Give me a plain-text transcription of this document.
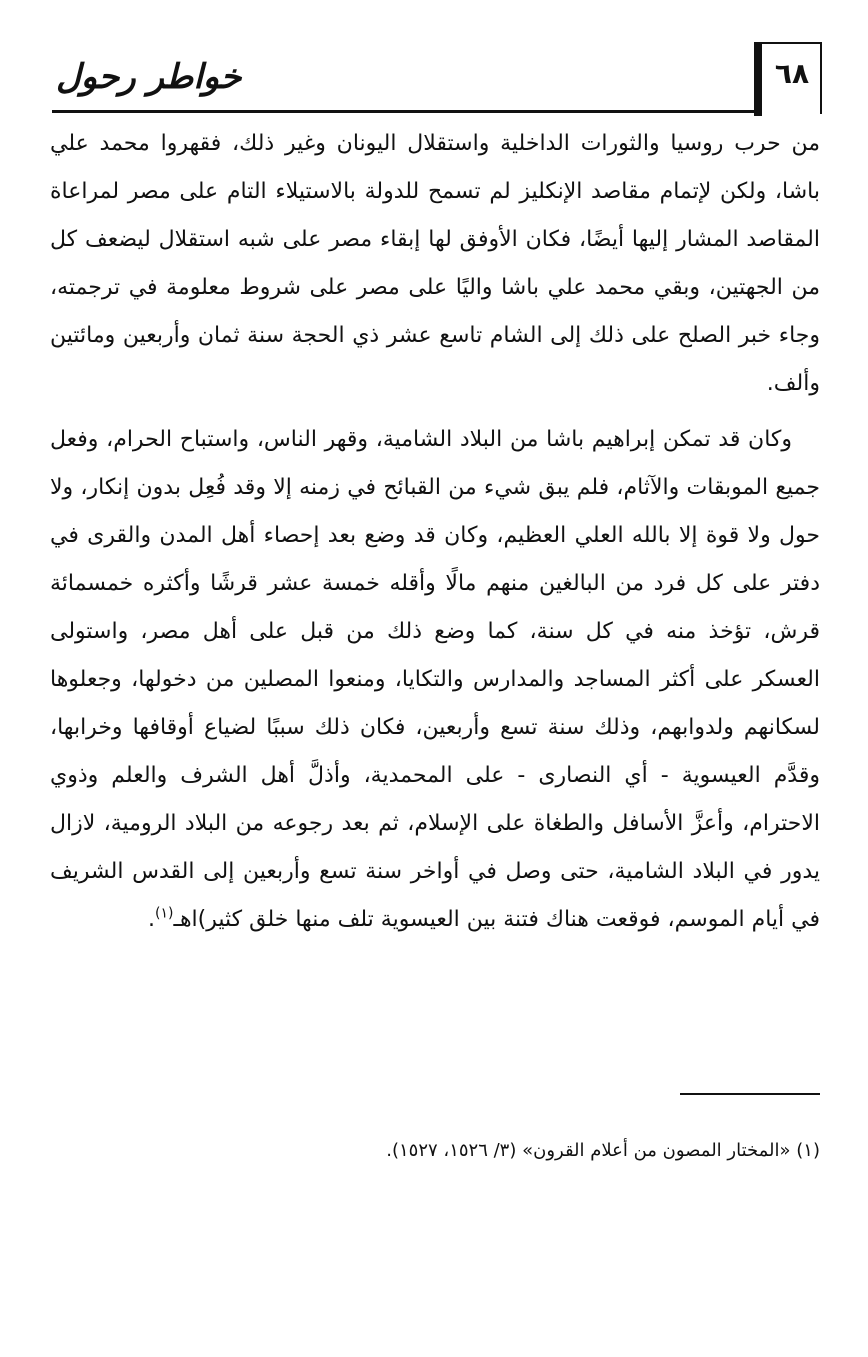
خواطر رحول	٦٨

من حرب روسيا والثورات الداخلية واستقلال اليونان وغير ذلك، فقهروا محمد علي باشا، ولكن لإتمام مقاصد الإنكليز لم تسمح للدولة بالاستيلاء التام على مصر لمراعاة المقاصد المشار إليها أيضًا، فكان الأوفق لها إبقاء مصر على شبه استقلال ليضعف كل من الجهتين، وبقي محمد علي باشا واليًا على مصر على شروط معلومة في ترجمته، وجاء خبر الصلح على ذلك إلى الشام تاسع عشر ذي الحجة سنة ثمان وأربعين ومائتين وألف.

وكان قد تمكن إبراهيم باشا من البلاد الشامية، وقهر الناس، واستباح الحرام، وفعل جميع الموبقات والآثام، فلم يبق شيء من القبائح في زمنه إلا وقد فُعِل بدون إنكار، ولا حول ولا قوة إلا بالله العلي العظيم، وكان قد وضع بعد إحصاء أهل المدن والقرى في دفتر على كل فرد من البالغين منهم مالًا وأقله خمسة عشر قرشًا وأكثره خمسمائة قرش، تؤخذ منه في كل سنة، كما وضع ذلك من قبل على أهل مصر، واستولى العسكر على أكثر المساجد والمدارس والتكايا، ومنعوا المصلين من دخولها، وجعلوها لسكانهم ولدوابهم، وذلك سنة تسع وأربعين، فكان ذلك سببًا لضياع أوقافها وخرابها، وقدَّم العيسوية - أي النصارى - على المحمدية، وأذلَّ أهل الشرف والعلم وذوي الاحترام، وأعزَّ الأسافل والطغاة على الإسلام، ثم بعد رجوعه من البلاد الرومية، لازال يدور في البلاد الشامية، حتى وصل في أواخر سنة تسع وأربعين إلى القدس الشريف في أيام الموسم، فوقعت هناك فتنة بين العيسوية تلف منها خلق كثير)اهـ$^{(١)}$.

(١) «المختار المصون من أعلام القرون» (٣/ ١٥٢٦، ١٥٢٧).
